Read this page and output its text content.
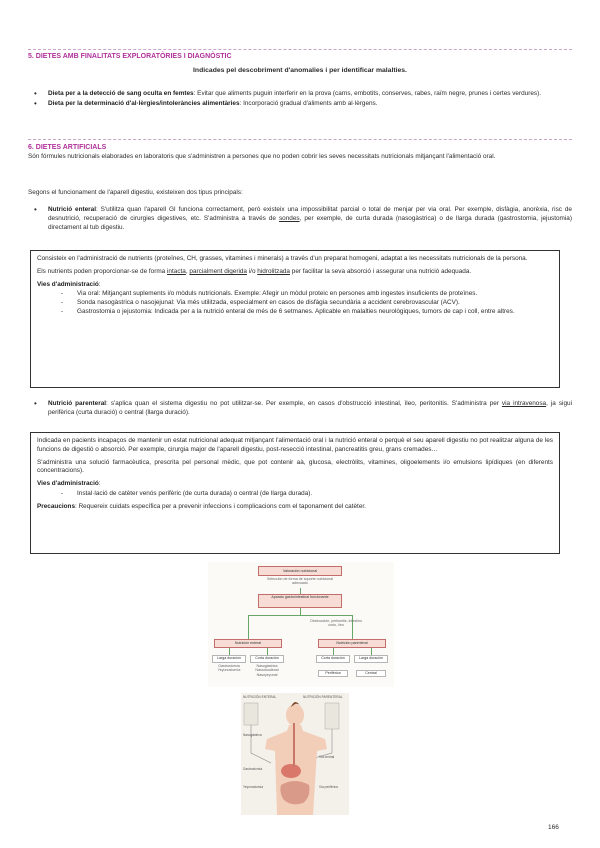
5. DIETES AMB FINALITATS EXPLORATÒRIES I DIAGNÒSTIC
Indicades pel descobriment d'anomalies i per identificar malalties.
• Dieta per a la detecció de sang oculta en femtes: Evitar que aliments puguin interferir en la prova (carns, embotits, conserves, rabes, raïm negre, prunes i certes verdures).
• Dieta per la determinació d'al·lèrgies/intoleràncies alimentàries: Incorporació gradual d'aliments amb al·lèrgens.
6. DIETES ARTIFICIALS
Són fórmules nutricionals elaborades en laboratoris que s'administren a persones que no poden cobrir les seves necessitats nutricionals mitjançant l'alimentació oral.
Segons el funcionament de l'aparell digestiu, existeixen dos tipus principals:
• Nutrició enteral: S'utilitza quan l'aparell GI funciona correctament, però existeix una impossibilitat parcial o total de menjar per via oral. Per exemple, disfàgia, anorèxia, risc de desnutrició, recuperació de cirurgies digestives, etc. S'administra a través de sondes, per exemple, de curta durada (nasogàstrica) o de llarga durada (gastrostomia, jejustomia) directament al tub digestiu.

Consisteix en l'administració de nutrients (proteïnes, CH, grasses, vitamines i minerals) a través d'un preparat homogeni, adaptat a les necessitats nutricionals de la persona.

Els nutrients poden proporcionar-se de forma intacta, parcialment digerida i/o hidrolitzada per facilitar la seva absorció i assegurar una nutrició adequada.

Vies d'administració:

- Via oral: Mitjançant suplements i/o mòduls nutricionals. Exemple: Afegir un mòdul proteic en persones amb ingestes insuficients de proteïnes.
- Sonda nasogàstrica o nasojejunal: Via més utilitzada, especialment en casos de disfàgia secundària a accident cerebrovascular (ACV).
- Gastrostomia o jejustomia: Indicada per a la nutrició enteral de més de 6 setmanes. Aplicable en malalties neurològiques, tumors de cap i coll, entre altres.
• Nutrició parenteral: s'aplica quan el sistema digestiu no pot utilitzar-se. Per exemple, en casos d'obstrucció intestinal, ìleo, peritonitis. S'administra per via intravenosa, ja sigui perifèrica (curta duració) o central (llarga duració).

Indicada en pacients incapaços de mantenir un estat nutricional adequat mitjançant l'alimentació oral i la nutrició enteral o perquè el seu aparell digestiu no pot realitzar alguna de les funcions de digestió o absorció. Per exemple, cirurgia major de l'aparell digestiu, post-resecció intestinal, pancreatitis greu, grans cremades…

S'administra una solució farmacèutica, prescrita pel personal mèdic, que pot contenir aà, glucosa, electròlits, vitamines, oligoelements i/o emulsions lipídiques (en diferents concentracions).

Vies d'administració:

- Instal·lació de catèter venós perifèric (de curta durada) o central (de llarga durada).

Precaucions: Requereix cuidats específica per a prevenir infeccions i complicacions com el taponament del catèter.

Valoración nutricional
Selección de forma de soporte nutricional adecuado
Aparato gastrointestinal funcionante
Obstrucción, peritonitis, intestino corto, íleo
Nutrición enteral	Nutrición parenteral
Larga duración	Corta duración	Corta duración	Larga duración
Gastrostomía Yeyunostomía
Nasogástrica Nasoduodenal Nasoyeyunal	Periférica	Central
NUTRICIÓN ENTERAL	NUTRICIÓN PARENTERAL
Nasogástrica
Gastrostomía
Yeyunostomía
Vía central
Vía periférica
166
